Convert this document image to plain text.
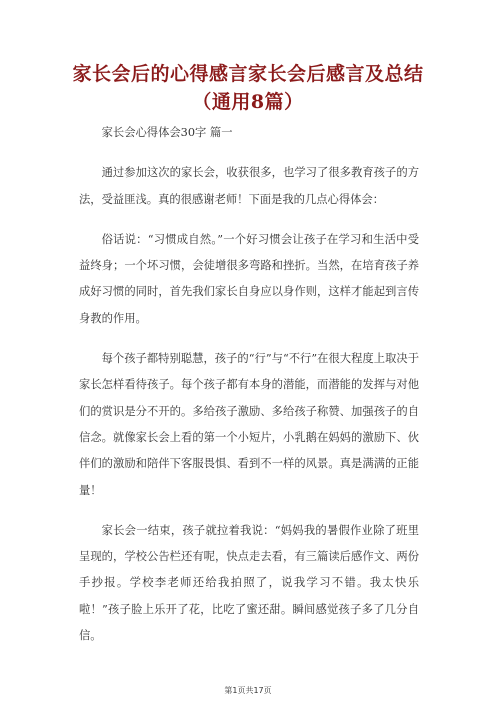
家长会后的心得感言家长会后感言及总结
（通用8篇）

家长会心得体会30字 篇一

通过参加这次的家长会，收获很多，也学习了很多教育孩子的方法，受益匪浅。真的很感谢老师！下面是我的几点心得体会：

俗话说：“习惯成自然。”一个好习惯会让孩子在学习和生活中受益终身；一个坏习惯，会徒增很多弯路和挫折。当然，在培育孩子养成好习惯的同时，首先我们家长自身应以身作则，这样才能起到言传身教的作用。

每个孩子都特别聪慧，孩子的“行”与“不行”在很大程度上取决于家长怎样看待孩子。每个孩子都有本身的潜能，而潜能的发挥与对他们的赏识是分不开的。多给孩子激励、多给孩子称赞、加强孩子的自信念。就像家长会上看的第一个小短片，小乳鹅在妈妈的激励下、伙伴们的激励和陪伴下客服畏惧、看到不一样的风景。真是满满的正能量！

家长会一结束，孩子就拉着我说：“妈妈我的暑假作业除了班里呈现的，学校公告栏还有呢，快点走去看，有三篇读后感作文、两份手抄报。学校李老师还给我拍照了，说我学习不错。我太快乐啦！”孩子脸上乐开了花，比吃了蜜还甜。瞬间感觉孩子多了几分自信。

第1页共17页
